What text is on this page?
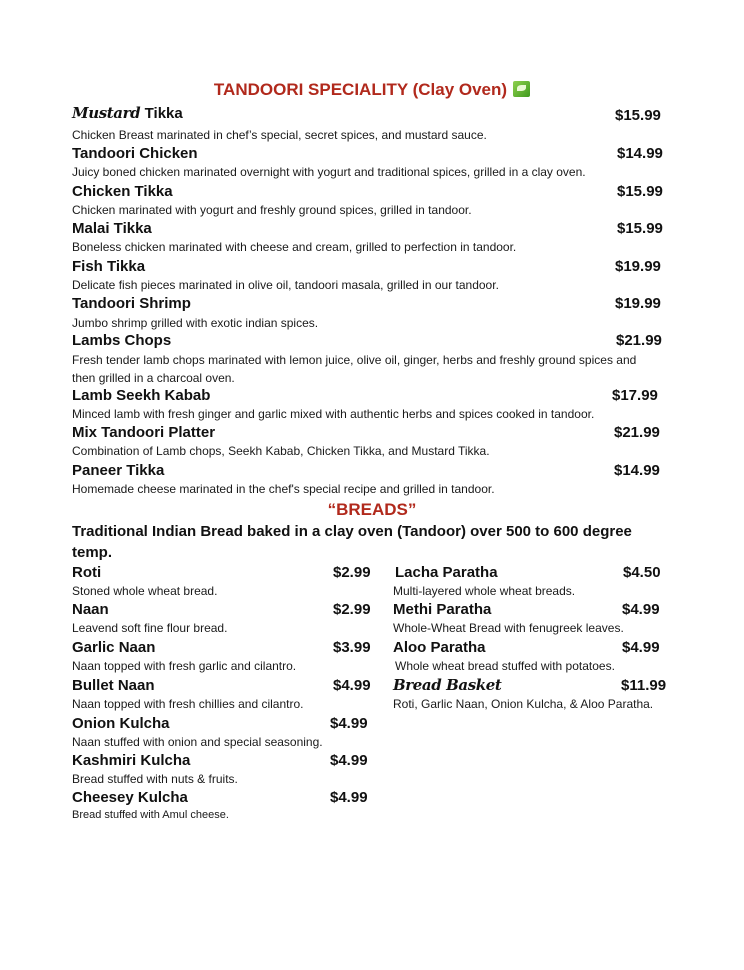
TANDOORI SPECIALITY (Clay Oven)
Mustard Tikka	$15.99
Chicken Breast marinated in chef’s special, secret spices, and mustard sauce.
Tandoori Chicken	$14.99
Juicy boned chicken marinated overnight with yogurt and traditional spices, grilled in a clay oven.
Chicken Tikka	$15.99
Chicken marinated with yogurt and freshly ground spices, grilled in tandoor.
Malai Tikka	$15.99
Boneless chicken marinated with cheese and cream, grilled to perfection in tandoor.
Fish Tikka	$19.99
Delicate fish pieces marinated in olive oil, tandoori masala, grilled in our tandoor.
Tandoori Shrimp	$19.99
Jumbo shrimp grilled with exotic indian spices.
Lambs Chops	$21.99
Fresh tender lamb chops marinated with lemon juice, olive oil, ginger, herbs and freshly ground spices and then grilled in a charcoal oven.
Lamb Seekh Kabab	$17.99
Minced lamb with fresh ginger and garlic mixed with authentic herbs and spices cooked in tandoor.
Mix Tandoori Platter	$21.99
Combination of Lamb chops, Seekh Kabab, Chicken Tikka, and Mustard Tikka.
Paneer Tikka	$14.99
Homemade cheese marinated in the chef's special recipe and grilled in tandoor.
“BREADS”
Traditional Indian Bread baked in a clay oven (Tandoor) over 500 to 600 degree temp.
Roti	$2.99
Stoned whole wheat bread.
Naan	$2.99
Leavend soft fine flour bread.
Garlic Naan	$3.99
Naan topped with fresh garlic and cilantro.
Bullet Naan	$4.99
Naan topped with fresh chillies and cilantro.
Onion Kulcha	$4.99
Naan stuffed with onion and special seasoning.
Kashmiri Kulcha	$4.99
Bread stuffed with nuts & fruits.
Cheesey Kulcha	$4.99
Bread stuffed with Amul cheese.
Lacha Paratha	$4.50
Multi-layered whole wheat breads.
Methi Paratha	$4.99
Whole-Wheat Bread with fenugreek leaves.
Aloo Paratha	$4.99
Whole wheat bread stuffed with potatoes.
Bread Basket	$11.99
Roti, Garlic Naan, Onion Kulcha, & Aloo Paratha.
